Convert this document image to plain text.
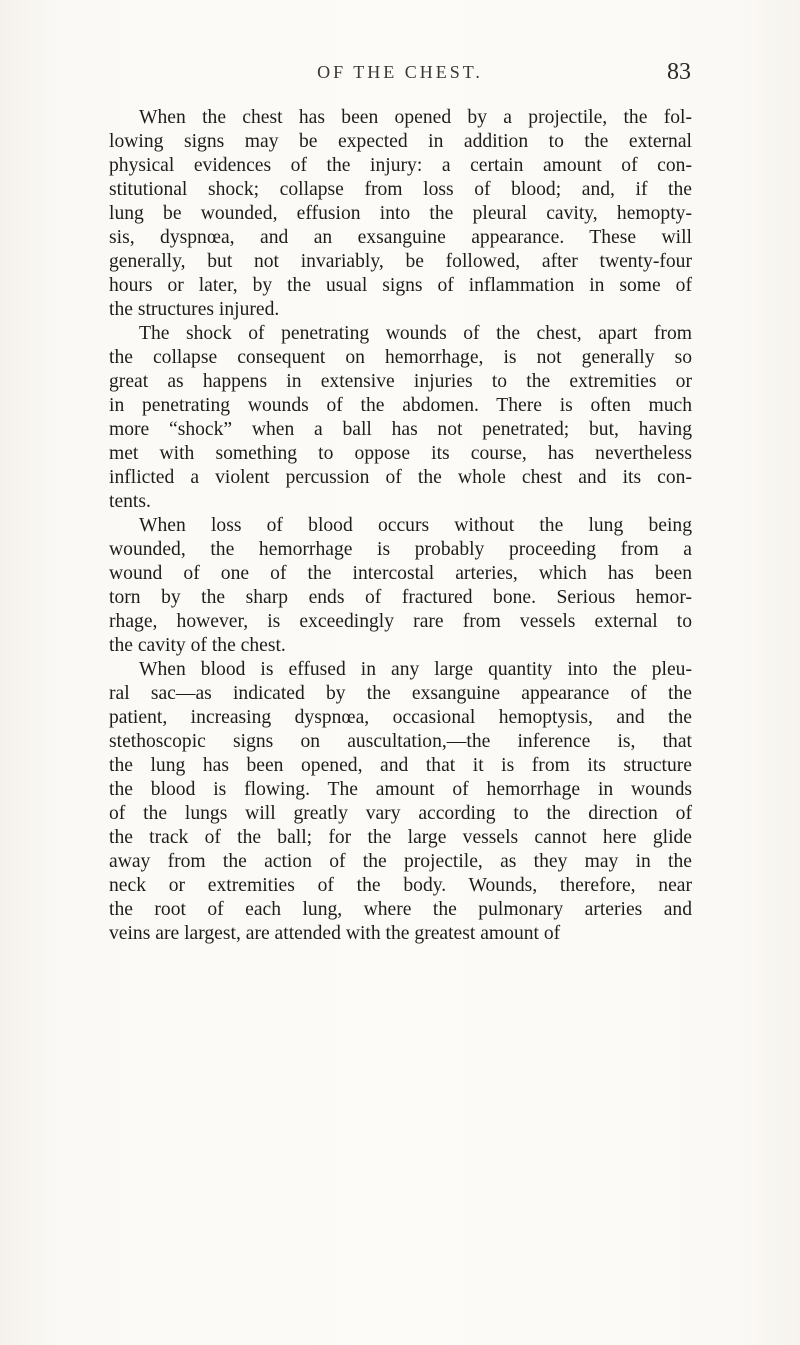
OF THE CHEST.	83
When the chest has been opened by a projectile, the fol-
lowing signs may be expected in addition to the external
physical evidences of the injury: a certain amount of con-
stitutional shock; collapse from loss of blood; and, if the
lung be wounded, effusion into the pleural cavity, hemopty-
sis, dyspnœa, and an exsanguine appearance. These will
generally, but not invariably, be followed, after twenty-four
hours or later, by the usual signs of inflammation in some of
the structures injured.
The shock of penetrating wounds of the chest, apart from
the collapse consequent on hemorrhage, is not generally so
great as happens in extensive injuries to the extremities or
in penetrating wounds of the abdomen. There is often much
more “shock” when a ball has not penetrated; but, having
met with something to oppose its course, has nevertheless
inflicted a violent percussion of the whole chest and its con-
tents.
When loss of blood occurs without the lung being
wounded, the hemorrhage is probably proceeding from a
wound of one of the intercostal arteries, which has been
torn by the sharp ends of fractured bone. Serious hemor-
rhage, however, is exceedingly rare from vessels external to
the cavity of the chest.
When blood is effused in any large quantity into the pleu-
ral sac—as indicated by the exsanguine appearance of the
patient, increasing dyspnœa, occasional hemoptysis, and the
stethoscopic signs on auscultation,—the inference is, that
the lung has been opened, and that it is from its structure
the blood is flowing. The amount of hemorrhage in wounds
of the lungs will greatly vary according to the direction of
the track of the ball; for the large vessels cannot here glide
away from the action of the projectile, as they may in the
neck or extremities of the body. Wounds, therefore, near
the root of each lung, where the pulmonary arteries and
veins are largest, are attended with the greatest amount of
